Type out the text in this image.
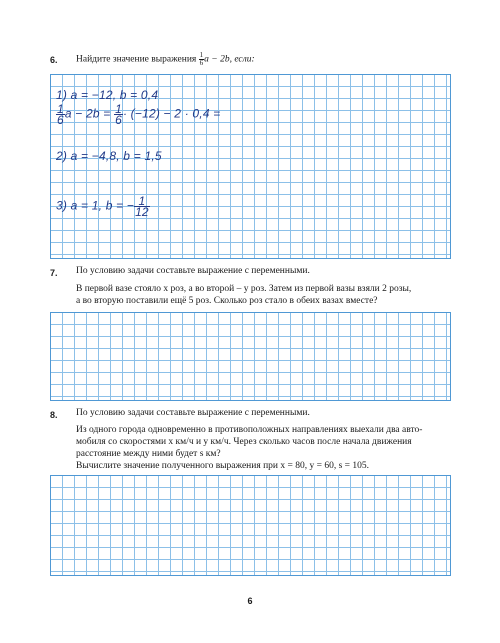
6. Найдите значение выражения $\frac{1}{6}$ a − 2b, если:
1) a = −12, b = 0,4
$\frac{1}{6}$ $a - 2b = \frac{1}{6} \cdot (-12) - 2 \cdot 0,4$ =
2) a = −4,8, b = 1,5
3) a = 1, b = − $\frac{1}{12}$
7. По условию задачи составьте выражение с переменными.
В первой вазе стояло x роз, а во второй – y роз. Затем из первой вазы взяли 2 розы,
а во вторую поставили ещё 5 роз. Сколько роз стало в обеих вазах вместе?
8. По условию задачи составьте выражение с переменными.
Из одного города одновременно в противоположных направлениях выехали два авто-
мобиля со скоростями x км/ч и y км/ч. Через сколько часов после начала движения
расстояние между ними будет s км?
Вычислите значение полученного выражения при x = 80, y = 60, s = 105.
6
